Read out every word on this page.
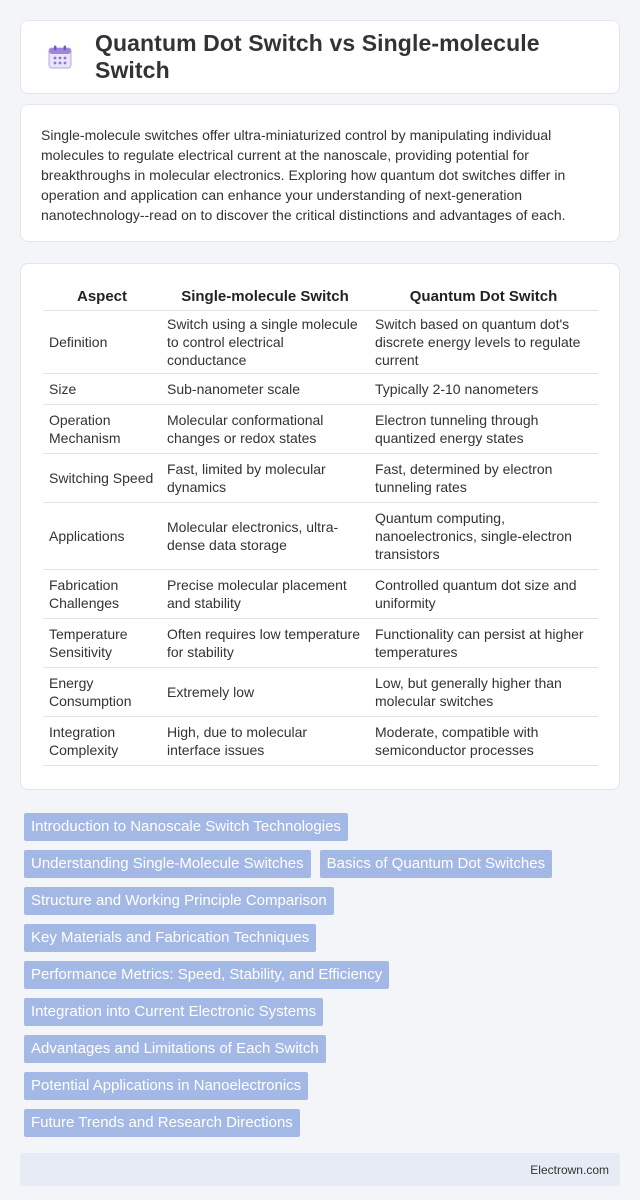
Quantum Dot Switch vs Single-molecule Switch

Single-molecule switches offer ultra-miniaturized control by manipulating individual molecules to regulate electrical current at the nanoscale, providing potential for breakthroughs in molecular electronics. Exploring how quantum dot switches differ in operation and application can enhance your understanding of next-generation nanotechnology--read on to discover the critical distinctions and advantages of each.

Aspect	Single-molecule Switch	Quantum Dot Switch
Definition	Switch using a single molecule to control electrical conductance	Switch based on quantum dot's discrete energy levels to regulate current
Size	Sub-nanometer scale	Typically 2-10 nanometers
Operation Mechanism	Molecular conformational changes or redox states	Electron tunneling through quantized energy states
Switching Speed	Fast, limited by molecular dynamics	Fast, determined by electron tunneling rates
Applications	Molecular electronics, ultra-dense data storage	Quantum computing, nanoelectronics, single-electron transistors
Fabrication Challenges	Precise molecular placement and stability	Controlled quantum dot size and uniformity
Temperature Sensitivity	Often requires low temperature for stability	Functionality can persist at higher temperatures
Energy Consumption	Extremely low	Low, but generally higher than molecular switches
Integration Complexity	High, due to molecular interface issues	Moderate, compatible with semiconductor processes
Introduction to Nanoscale Switch Technologies
Understanding Single-Molecule Switches	Basics of Quantum Dot Switches
Structure and Working Principle Comparison
Key Materials and Fabrication Techniques
Performance Metrics: Speed, Stability, and Efficiency
Integration into Current Electronic Systems
Advantages and Limitations of Each Switch
Potential Applications in Nanoelectronics
Future Trends and Research Directions
Electrown.com
